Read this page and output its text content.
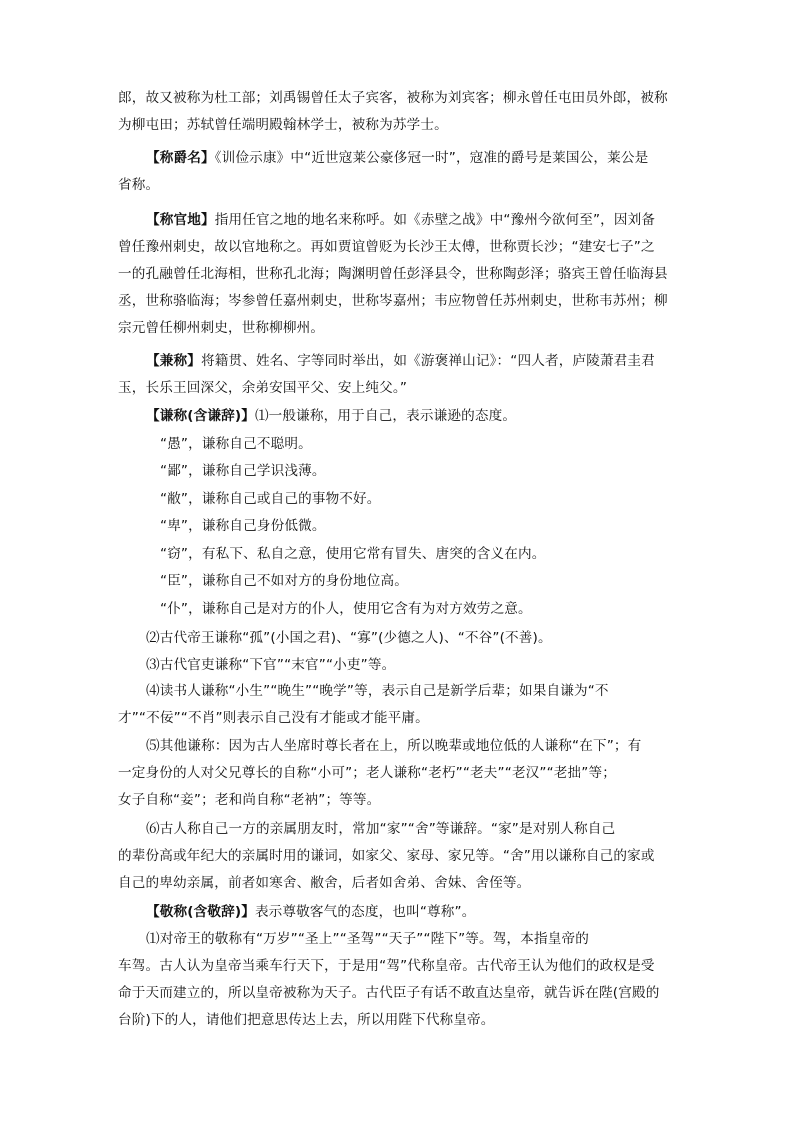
郎，故又被称为杜工部；刘禹锡曾任太子宾客，被称为刘宾客；柳永曾任屯田员外郎，被称
为柳屯田；苏轼曾任端明殿翰林学士，被称为苏学士。
【称爵名】《训俭示康》中“近世寇莱公豪侈冠一时”，寇准的爵号是莱国公，莱公是
省称。
【称官地】指用任官之地的地名来称呼。如《赤壁之战》中“豫州今欲何至”，因刘备
曾任豫州刺史，故以官地称之。再如贾谊曾贬为长沙王太傅，世称贾长沙；“建安七子”之
一的孔融曾任北海相，世称孔北海；陶渊明曾任彭泽县令，世称陶彭泽；骆宾王曾任临海县
丞，世称骆临海；岑参曾任嘉州刺史，世称岑嘉州；韦应物曾任苏州刺史，世称韦苏州；柳
宗元曾任柳州刺史，世称柳柳州。
【兼称】将籍贯、姓名、字等同时举出，如《游褒禅山记》：“四人者，庐陵萧君圭君
玉，长乐王回深父，余弟安国平父、安上纯父。”
【谦称(含谦辞)】⑴一般谦称，用于自己，表示谦逊的态度。
“愚”，谦称自己不聪明。
“鄙”，谦称自己学识浅薄。
“敝”，谦称自己或自己的事物不好。
“卑”，谦称自己身份低微。
“窃”，有私下、私自之意，使用它常有冒失、唐突的含义在内。
“臣”，谦称自己不如对方的身份地位高。
“仆”，谦称自己是对方的仆人，使用它含有为对方效劳之意。
⑵古代帝王谦称“孤”(小国之君)、“寡”(少德之人)、“不谷”(不善)。
⑶古代官吏谦称“下官”“末官”“小吏”等。
⑷读书人谦称“小生”“晚生”“晚学”等，表示自己是新学后辈；如果自谦为“不
才”“不佞”“不肖”则表示自己没有才能或才能平庸。
⑸其他谦称：因为古人坐席时尊长者在上，所以晚辈或地位低的人谦称“在下”；有
一定身份的人对父兄尊长的自称“小可”；老人谦称“老朽”“老夫”“老汉”“老拙”等；
女子自称“妾”；老和尚自称“老衲”；等等。
⑹古人称自己一方的亲属朋友时，常加“家”“舍”等谦辞。“家”是对别人称自己
的辈份高或年纪大的亲属时用的谦词，如家父、家母、家兄等。“舍”用以谦称自己的家或
自己的卑幼亲属，前者如寒舍、敝舍，后者如舍弟、舍妹、舍侄等。
【敬称(含敬辞)】表示尊敬客气的态度，也叫“尊称”。
⑴对帝王的敬称有“万岁”“圣上”“圣驾”“天子”“陛下”等。驾，本指皇帝的
车驾。古人认为皇帝当乘车行天下，于是用“驾”代称皇帝。古代帝王认为他们的政权是受
命于天而建立的，所以皇帝被称为天子。古代臣子有话不敢直达皇帝，就告诉在陛(宫殿的
台阶)下的人，请他们把意思传达上去，所以用陛下代称皇帝。
